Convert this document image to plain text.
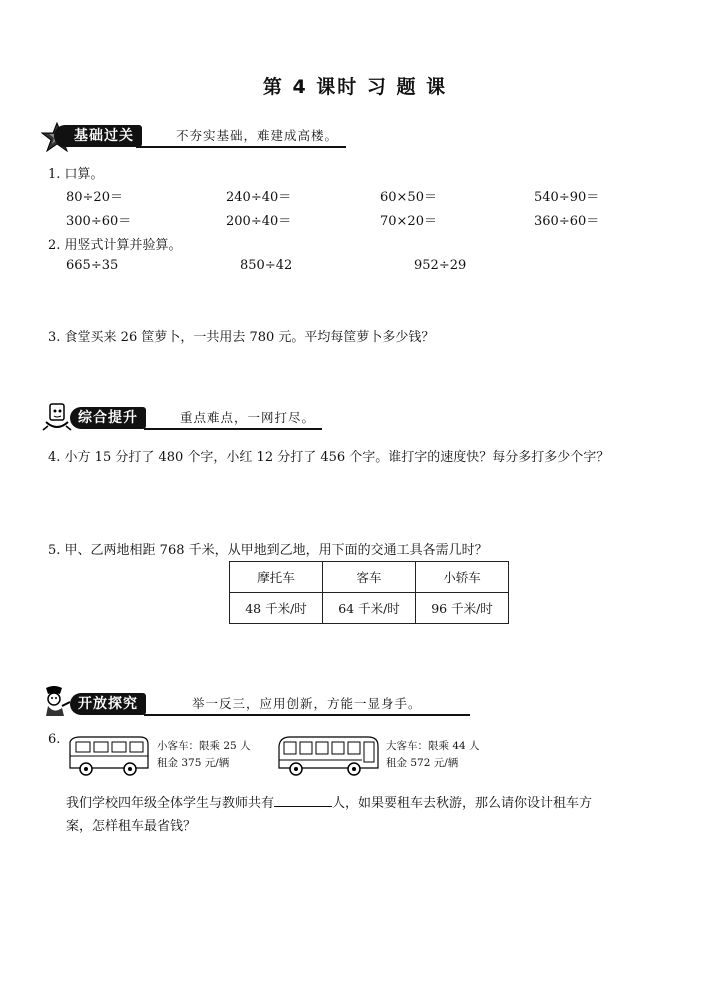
第 4 课时 习 题 课
基础过关	不夯实基础，难建成高楼。
1. 口算。
80÷20＝	240÷40＝	60×50＝	540÷90＝
300÷60＝	200÷40＝	70×20＝	360÷60＝
2. 用竖式计算并验算。
665÷35	850÷42	952÷29
3. 食堂买来 26 筐萝卜，一共用去 780 元。平均每筐萝卜多少钱？
综合提升	重点难点，一网打尽。
4. 小方 15 分打了 480 个字，小红 12 分打了 456 个字。谁打字的速度快？每分多打多少个字？
5. 甲、乙两地相距 768 千米，从甲地到乙地，用下面的交通工具各需几时？
摩托车	客车	小轿车
48 千米/时	64 千米/时	96 千米/时
开放探究	举一反三，应用创新，方能一显身手。
6.	小客车：限乘 25 人
租金 375 元/辆
大客车：限乘 44 人
租金 572 元/辆
我们学校四年级全体学生与教师共有	人，如果要租车去秋游，那么请你设计租车方
案，怎样租车最省钱？
